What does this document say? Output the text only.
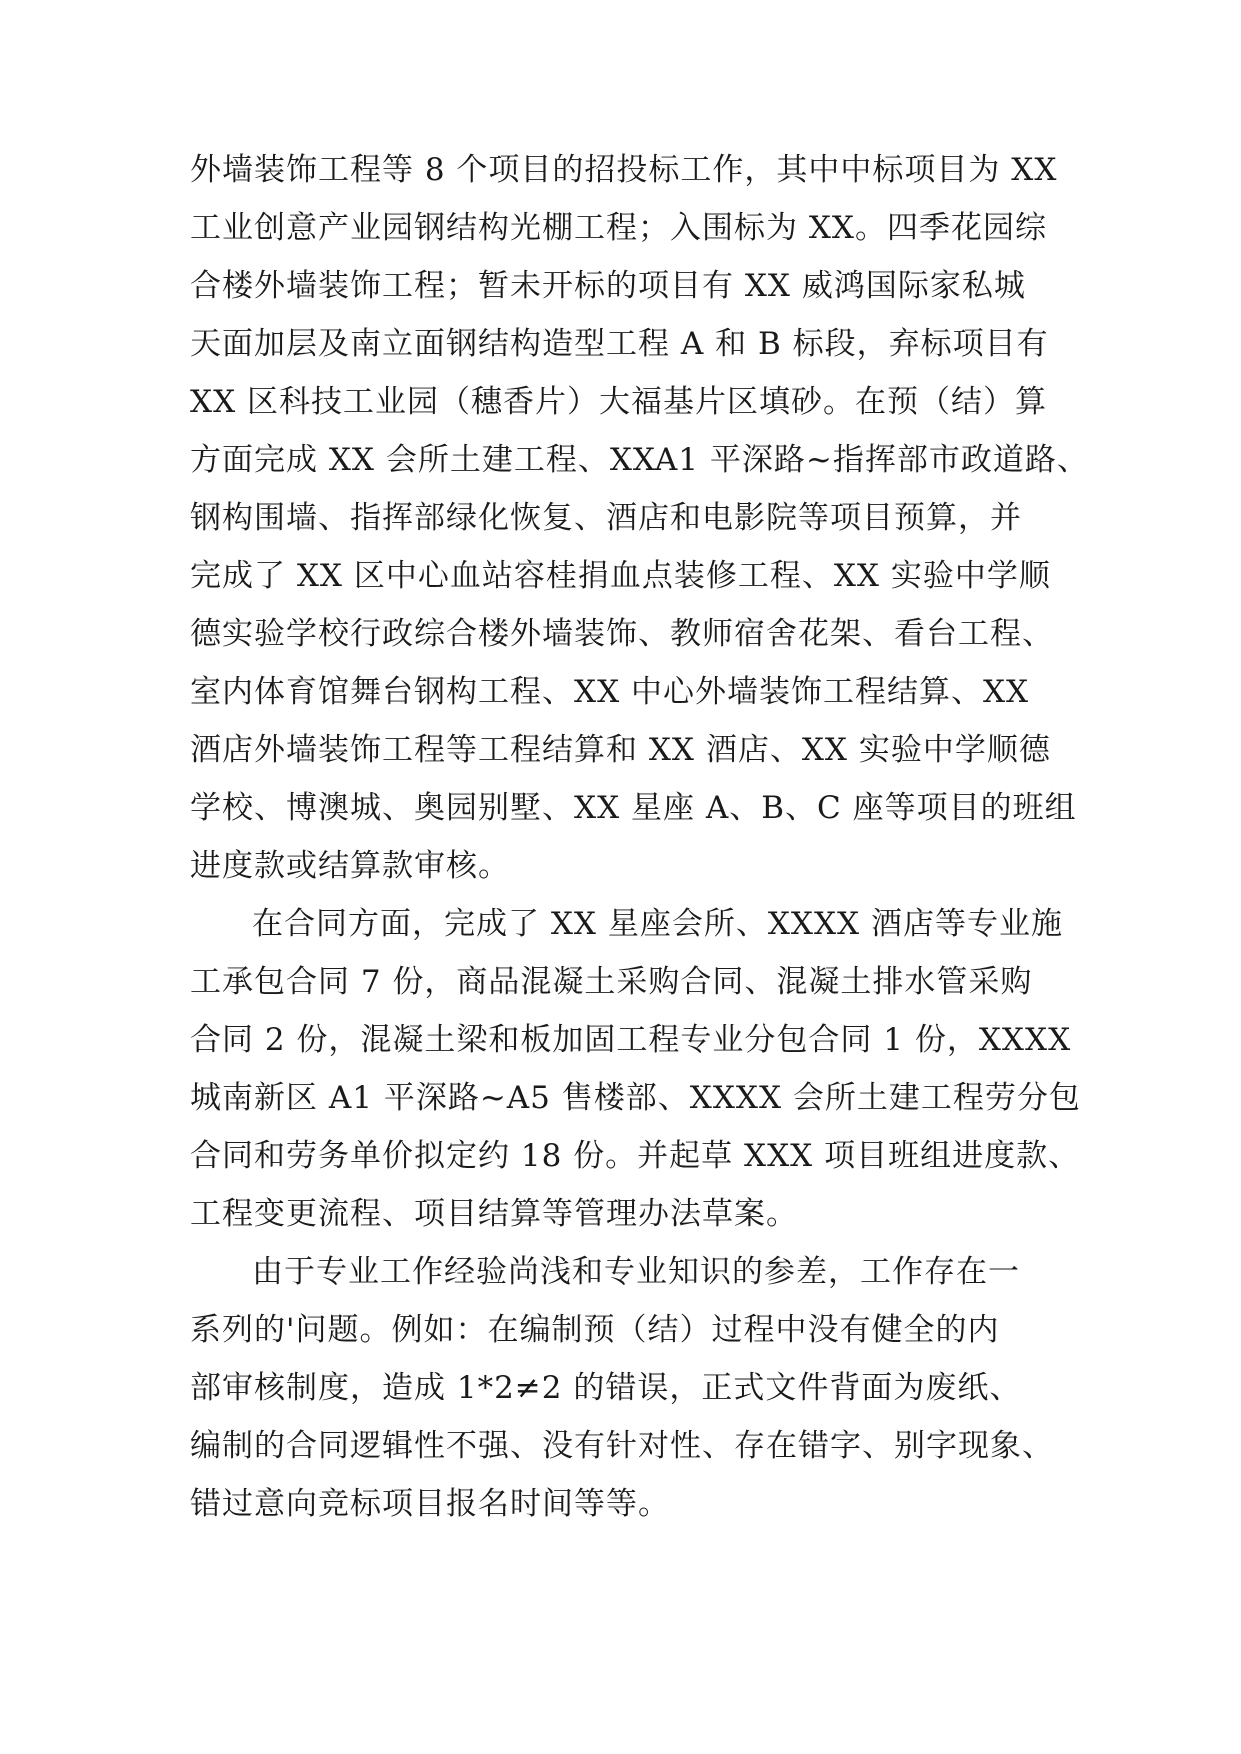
外墙装饰工程等 8 个项目的招投标工作，其中中标项目为 XX
工业创意产业园钢结构光棚工程；入围标为 XX。四季花园综
合楼外墙装饰工程；暂未开标的项目有 XX 威鸿国际家私城
天面加层及南立面钢结构造型工程 A 和 B 标段，弃标项目有
XX 区科技工业园（穗香片）大福基片区填砂。在预（结）算
方面完成 XX 会所土建工程、XXA1 平深路~指挥部市政道路、
钢构围墙、指挥部绿化恢复、酒店和电影院等项目预算，并
完成了 XX 区中心血站容桂捐血点装修工程、XX 实验中学顺
德实验学校行政综合楼外墙装饰、教师宿舍花架、看台工程、
室内体育馆舞台钢构工程、XX 中心外墙装饰工程结算、XX
酒店外墙装饰工程等工程结算和 XX 酒店、XX 实验中学顺德
学校、博澳城、奥园别墅、XX 星座 A、B、C 座等项目的班组
进度款或结算款审核。
在合同方面，完成了 XX 星座会所、XXXX 酒店等专业施
工承包合同 7 份，商品混凝土采购合同、混凝土排水管采购
合同 2 份，混凝土梁和板加固工程专业分包合同 1 份，XXXX
城南新区 A1 平深路~A5 售楼部、XXXX 会所土建工程劳分包
合同和劳务单价拟定约 18 份。并起草 XXX 项目班组进度款、
工程变更流程、项目结算等管理办法草案。
由于专业工作经验尚浅和专业知识的参差，工作存在一
系列的'问题。例如：在编制预（结）过程中没有健全的内
部审核制度，造成 1*2≠2 的错误，正式文件背面为废纸、
编制的合同逻辑性不强、没有针对性、存在错字、别字现象、
错过意向竞标项目报名时间等等。
